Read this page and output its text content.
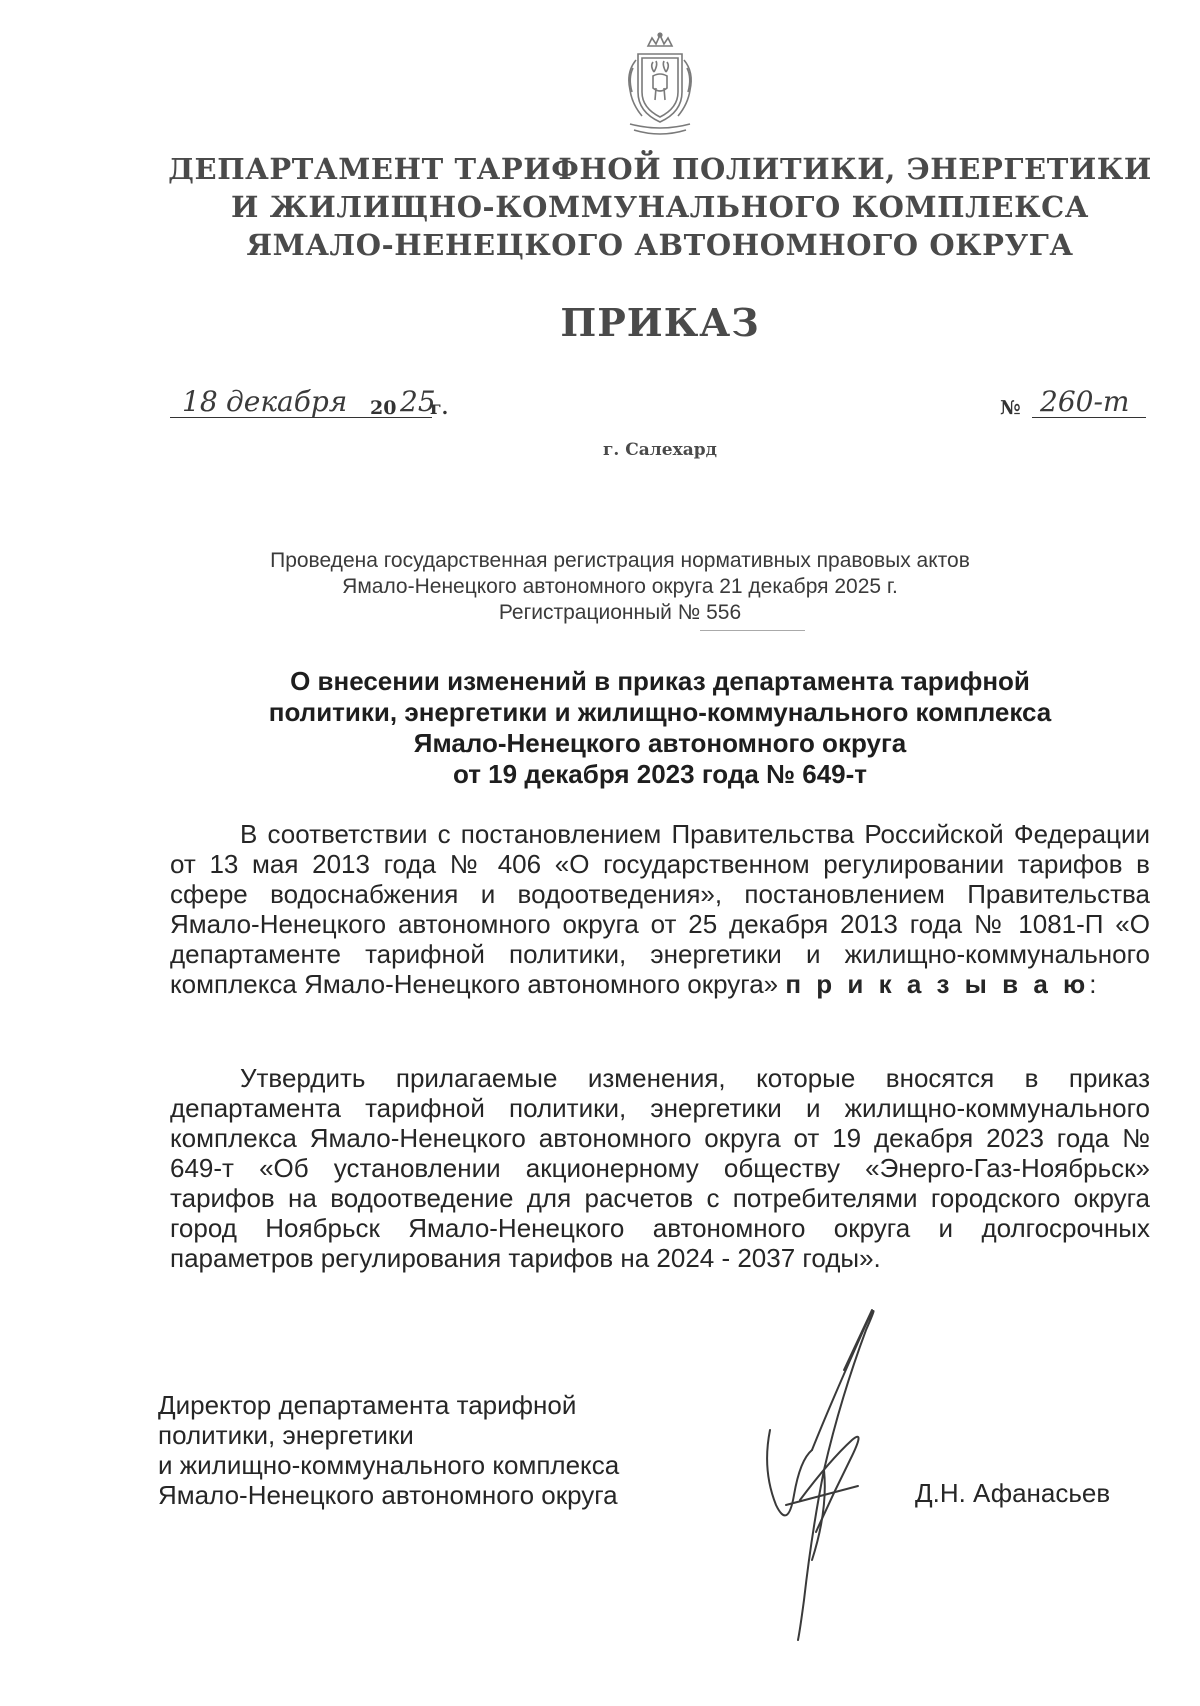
ДЕПАРТАМЕНТ ТАРИФНОЙ ПОЛИТИКИ, ЭНЕРГЕТИКИ
И ЖИЛИЩНО-КОММУНАЛЬНОГО КОМПЛЕКСА
ЯМАЛО-НЕНЕЦКОГО АВТОНОМНОГО ОКРУГА
ПРИКАЗ
18 декабря 20 25
г.	№ 260-т
г. Салехард
Проведена государственная регистрация нормативных правовых актов
Ямало-Ненецкого автономного округа 21 декабря 2025 г.
Регистрационный № 556
О внесении изменений в приказ департамента тарифной
политики, энергетики и жилищно-коммунального комплекса
Ямало-Ненецкого автономного округа
от 19 декабря 2023 года № 649-т

В соответствии с постановлением Правительства Российской Федерации от 13 мая 2013 года № 406 «О государственном регулировании тарифов в сфере водоснабжения и водоотведения», постановлением Правительства Ямало-Ненецкого автономного округа от 25 декабря 2013 года № 1081-П «О департаменте тарифной политики, энергетики и жилищно-коммунального комплекса Ямало-Ненецкого автономного округа» п р и к а з ы в а ю:

Утвердить прилагаемые изменения, которые вносятся в приказ департамента тарифной политики, энергетики и жилищно-коммунального комплекса Ямало-Ненецкого автономного округа от 19 декабря 2023 года № 649-т «Об установлении акционерному обществу «Энерго-Газ-Ноябрьск» тарифов на водоотведение для расчетов с потребителями городского округа город Ноябрьск Ямало-Ненецкого автономного округа и долгосрочных параметров регулирования тарифов на 2024 - 2037 годы».

Директор департамента тарифной
политики, энергетики
и жилищно-коммунального комплекса
Ямало-Ненецкого автономного округа	Д.Н. Афанасьев
